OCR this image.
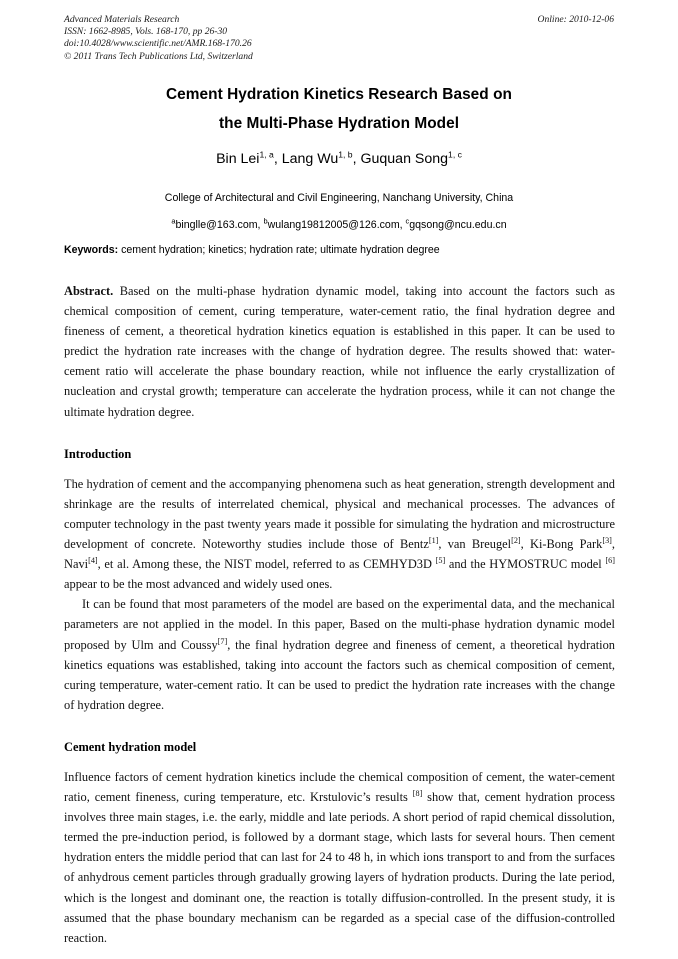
Advanced Materials Research	Online: 2010-12-06
ISSN: 1662-8985, Vols. 168-170, pp 26-30
doi:10.4028/www.scientific.net/AMR.168-170.26
© 2011 Trans Tech Publications Ltd, Switzerland
Cement Hydration Kinetics Research Based on
the Multi-Phase Hydration Model
Bin Lei$^{1, a}$, Lang Wu$^{1, b}$, Guquan Song$^{1, c}$
College of Architectural and Civil Engineering, Nanchang University, China
$^a$binglle@163.com, $^b$wulang19812005@126.com, $^c$gqsong@ncu.edu.cn
Keywords: cement hydration; kinetics; hydration rate; ultimate hydration degree

Abstract. Based on the multi-phase hydration dynamic model, taking into account the factors such as chemical composition of cement, curing temperature, water-cement ratio, the final hydration degree and fineness of cement, a theoretical hydration kinetics equation is established in this paper. It can be used to predict the hydration rate increases with the change of hydration degree. The results showed that: water-cement ratio will accelerate the phase boundary reaction, while not influence the early crystallization of nucleation and crystal growth; temperature can accelerate the hydration process, while it can not change the ultimate hydration degree.

Introduction

The hydration of cement and the accompanying phenomena such as heat generation, strength development and shrinkage are the results of interrelated chemical, physical and mechanical processes. The advances of computer technology in the past twenty years made it possible for simulating the hydration and microstructure development of concrete. Noteworthy studies include those of Bentz[1], van Breugel[2], Ki-Bong Park[3], Navi[4], et al. Among these, the NIST model, referred to as CEMHYD3D [5] and the HYMOSTRUC model [6] appear to be the most advanced and widely used ones.

It can be found that most parameters of the model are based on the experimental data, and the mechanical parameters are not applied in the model. In this paper, Based on the multi-phase hydration dynamic model proposed by Ulm and Coussy[7], the final hydration degree and fineness of cement, a theoretical hydration kinetics equations was established, taking into account the factors such as chemical composition of cement, curing temperature, water-cement ratio. It can be used to predict the hydration rate increases with the change of hydration degree.

Cement hydration model

Influence factors of cement hydration kinetics include the chemical composition of cement, the water-cement ratio, cement fineness, curing temperature, etc. Krstulovic’s results [8] show that, cement hydration process involves three main stages, i.e. the early, middle and late periods. A short period of rapid chemical dissolution, termed the pre-induction period, is followed by a dormant stage, which lasts for several hours. Then cement hydration enters the middle period that can last for 24 to 48 h, in which ions transport to and from the surfaces of anhydrous cement particles through gradually growing layers of hydration products. During the late period, which is the longest and dominant one, the reaction is totally diffusion-controlled. In the present study, it is assumed that the phase boundary mechanism can be regarded as a special case of the diffusion-controlled reaction.
